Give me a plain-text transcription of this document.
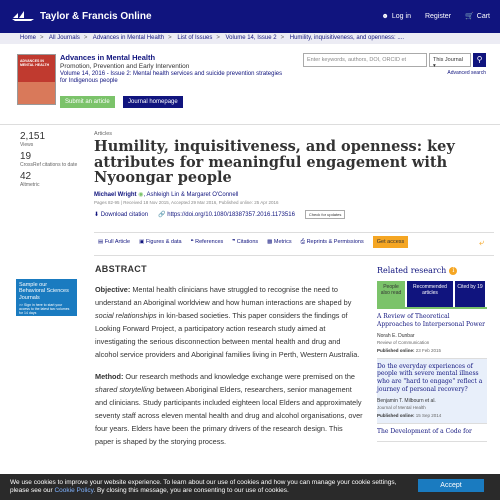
Taylor & Francis Online	☻ Log in Register 🛒 Cart
Home > All Journals > Advances in Mental Health > List of Issues > Volume 14, Issue 2 > Humility, inquisitiveness, and openness: ....
ADVANCES IN MENTAL HEALTH
Advances in Mental Health
Promotion, Prevention and Early Intervention
Volume 14, 2016 - Issue 2: Mental health services and suicide prevention strategies for Indigenous people
Submit an article	Journal homepage
Enter keywords, authors, DOI, ORCID et	This Journal ▾
⚲
Advanced search
2,151
Views
19
CrossRef citations to date
42
Altmetric
Articles
Humility, inquisitiveness, and openness: key attributes for meaningful engagement with Nyoongar people
Michael Wright ◉, Ashleigh Lin & Margaret O'Connell
Pages 82-95 | Received 18 Nov 2015, Accepted 29 Mar 2016, Published online: 25 Apr 2016
⬇ Download citation 🔗 https://doi.org/10.1080/18387357.2016.1173516	Check for updates
▤ Full Article ▣ Figures & data ❝ References ❞ Citations ▩ Metrics ⎙ Reprints & Permissions	Get access	⤶
Sample our Behavioral Sciences Journals
>> Sign in here to start your access to the latest two volumes for 14 days
ABSTRACT

Objective: Mental health clinicians have struggled to recognise the need to understand an Aboriginal worldview and how human interactions are shaped by social relationships in kin-based societies. This paper considers the findings of Looking Forward Project, a participatory action research study aimed at investigating the serious disconnection between mental health and drug and alcohol service providers and Aboriginal families living in Perth, Western Australia.

Method: Our research methods and knowledge exchange were premised on the shared storytelling between Aboriginal Elders, researchers, senior management and clinicians. Study participants included eighteen local Elders and approximately seventy staff across eleven mental health and drug and alcohol organisations, over four years. Elders have been the primary drivers of the research design. This paper is shaped by the storying process.

Related research	i
People also read
Recommended articles
Cited by 19
A Review of Theoretical Approaches to Interpersonal Power
Norah E. Dunbar
Review of Communication
Published online: 23 Feb 2015
Do the everyday experiences of people with severe mental illness who are "hard to engage" reflect a journey of personal recovery?
Benjamin T. Milbourn et al.
Journal of Mental Health
Published online: 15 Sep 2014
The Development of a Code for
We use cookies to improve your website experience. To learn about our use of cookies and how you can manage your cookie settings,
please see our Cookie Policy. By closing this message, you are consenting to our use of cookies.
Accept
